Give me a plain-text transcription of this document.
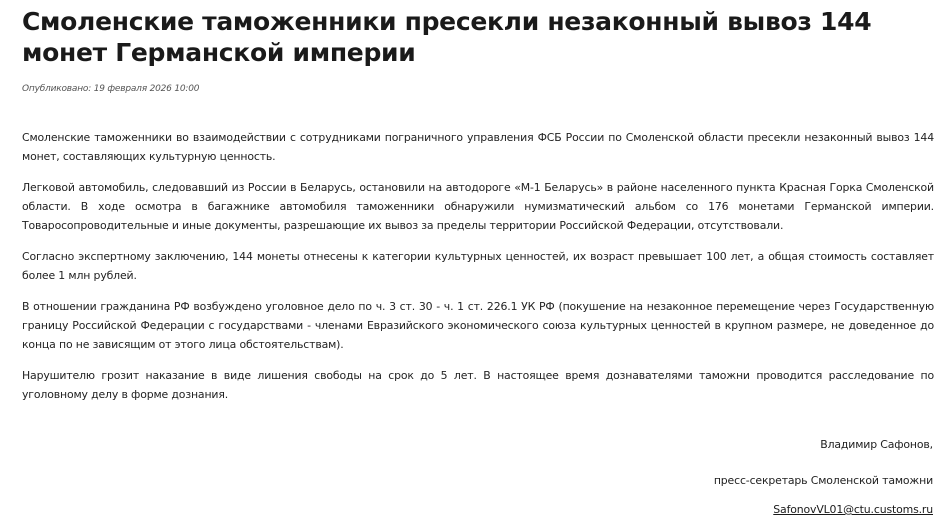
Смоленские таможенники пресекли незаконный вывоз 144 монет Германской империи
Опубликовано: 19 февраля 2026 10:00

Смоленские таможенники во взаимодействии с сотрудниками пограничного управления ФСБ России по Смоленской области пресекли незаконный вывоз 144 монет, составляющих культурную ценность.

Легковой автомобиль, следовавший из России в Беларусь, остановили на автодороге «М-1 Беларусь» в районе населенного пункта Красная Горка Смоленской области. В ходе осмотра в багажнике автомобиля таможенники обнаружили нумизматический альбом со 176 монетами Германской империи. Товаросопроводительные и иные документы, разрешающие их вывоз за пределы территории Российской Федерации, отсутствовали.

Согласно экспертному заключению, 144 монеты отнесены к категории культурных ценностей, их возраст превышает 100 лет, а общая стоимость составляет более 1 млн рублей.

В отношении гражданина РФ возбуждено уголовное дело по ч. 3 ст. 30 - ч. 1 ст. 226.1 УК РФ (покушение на незаконное перемещение через Государственную границу Российской Федерации с государствами - членами Евразийского экономического союза культурных ценностей в крупном размере, не доведенное до конца по не зависящим от этого лица обстоятельствам).

Нарушителю грозит наказание в виде лишения свободы на срок до 5 лет. В настоящее время дознавателями таможни проводится расследование по уголовному делу в форме дознания.

Владимир Сафонов,
пресс-секретарь Смоленской таможни
SafonovVL01@ctu.customs.ru
